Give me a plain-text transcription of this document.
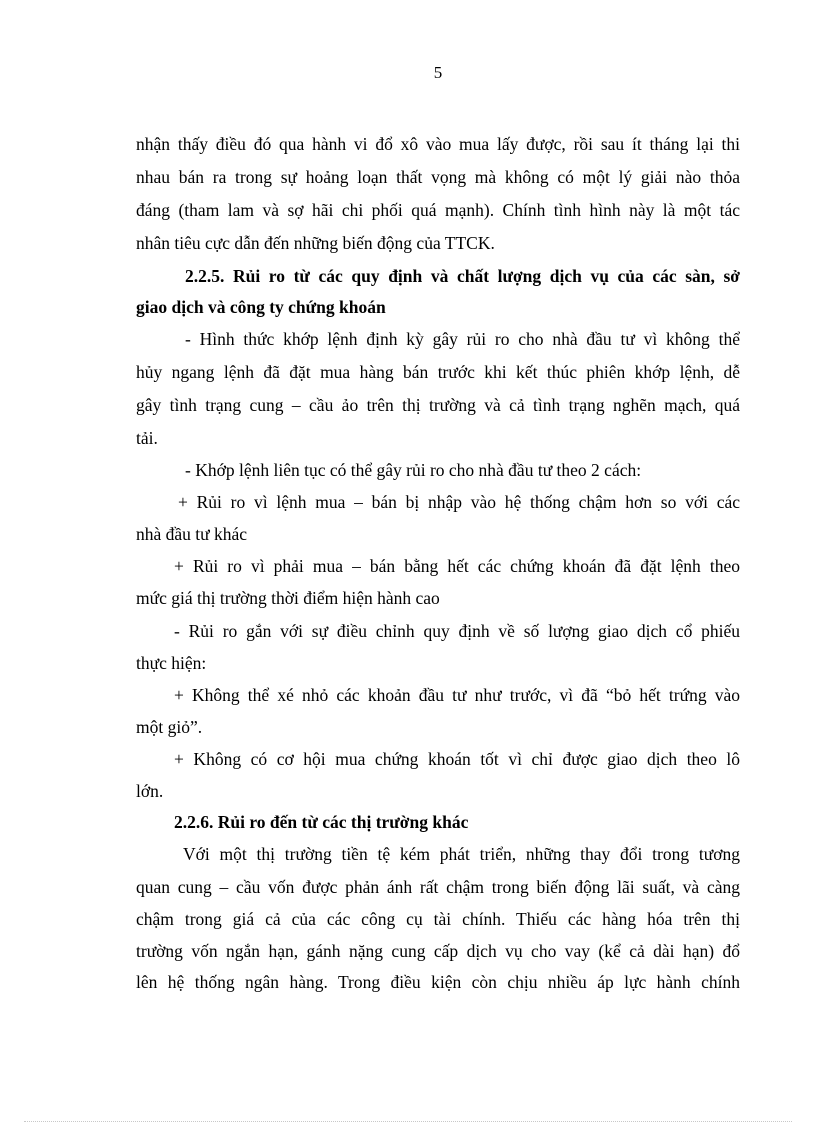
5
nhận thấy điều đó qua hành vi đổ xô vào mua lấy được, rồi sau ít tháng lại thi
nhau bán ra trong sự hoảng loạn thất vọng mà không có một lý giải nào thỏa
đáng (tham lam và sợ hãi chi phối quá mạnh). Chính tình hình này là một tác
nhân tiêu cực dẫn đến những biến động của TTCK.
2.2.5. Rủi ro từ các quy định và chất lượng dịch vụ của các sàn, sở
giao dịch và công ty chứng khoán
- Hình thức khớp lệnh định kỳ gây rủi ro cho nhà đầu tư vì không thể
hủy ngang lệnh đã đặt mua hàng bán trước khi kết thúc phiên khớp lệnh, dễ
gây tình trạng cung – cầu ảo trên thị trường và cả tình trạng nghẽn mạch, quá
tải.
- Khớp lệnh liên tục có thể gây rủi ro cho nhà đầu tư theo 2 cách:
+ Rủi ro vì lệnh mua – bán bị nhập vào hệ thống chậm hơn so với các
nhà đầu tư khác
+ Rủi ro vì phải mua – bán bằng hết các chứng khoán đã đặt lệnh theo
mức giá thị trường thời điểm hiện hành cao
- Rủi ro gắn với sự điều chỉnh quy định về số lượng giao dịch cổ phiếu
thực hiện:
+ Không thể xé nhỏ các khoản đầu tư như trước, vì đã “bỏ hết trứng vào
một giỏ”.
+ Không có cơ hội mua chứng khoán tốt vì chỉ được giao dịch theo lô
lớn.
2.2.6. Rủi ro đến từ các thị trường khác
Với một thị trường tiền tệ kém phát triển, những thay đổi trong tương
quan cung – cầu vốn được phản ánh rất chậm trong biến động lãi suất, và càng
chậm trong giá cả của các công cụ tài chính. Thiếu các hàng hóa trên thị
trường vốn ngắn hạn, gánh nặng cung cấp dịch vụ cho vay (kể cả dài hạn) đổ
lên hệ thống ngân hàng. Trong điều kiện còn chịu nhiều áp lực hành chính
